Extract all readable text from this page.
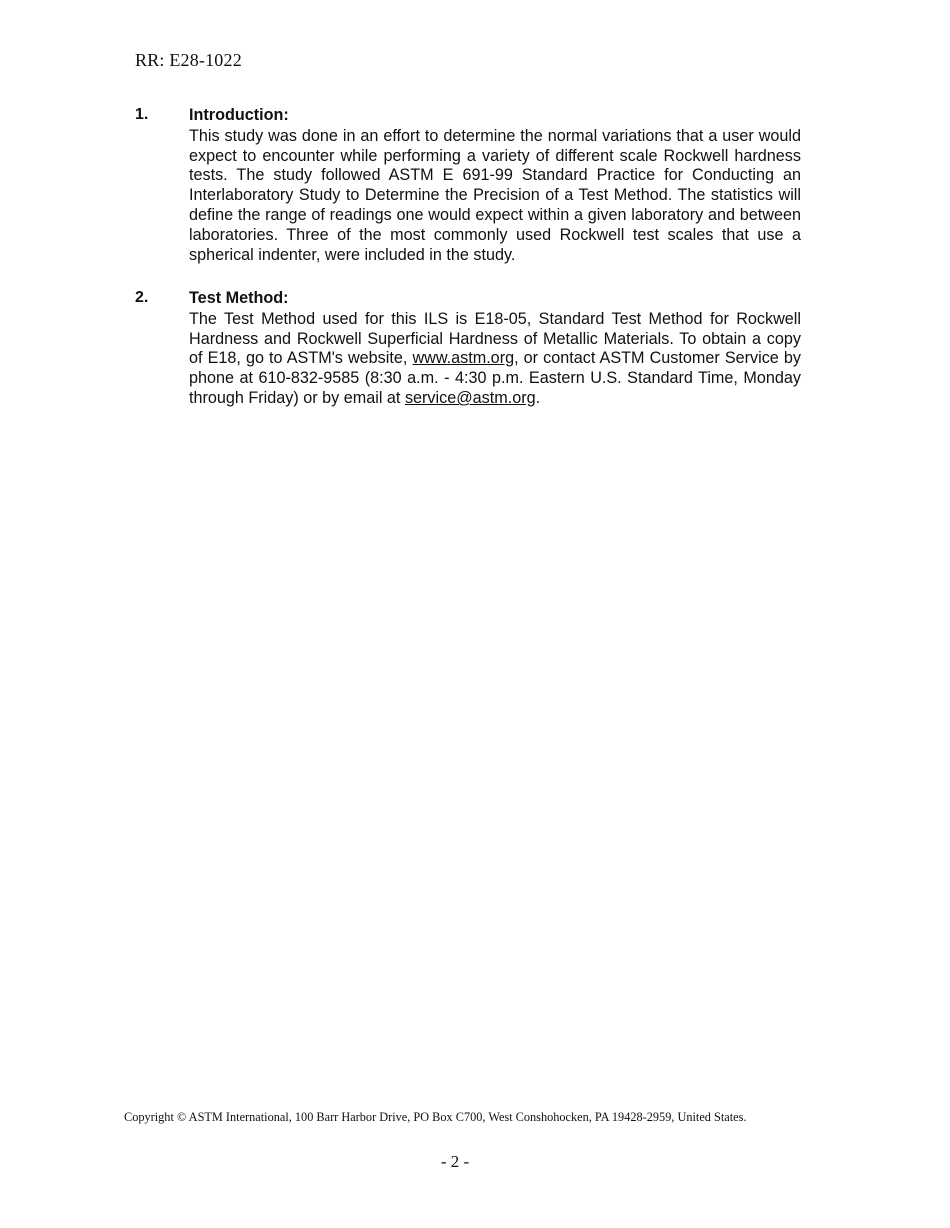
RR: E28-1022
1.	Introduction:
This study was done in an effort to determine the normal variations that a user would expect to encounter while performing a variety of different scale Rockwell hardness tests. The study followed ASTM E 691-99 Standard Practice for Conducting an Interlaboratory Study to Determine the Precision of a Test Method. The statistics will define the range of readings one would expect within a given laboratory and between laboratories. Three of the most commonly used Rockwell test scales that use a spherical indenter, were included in the study.
2.	Test Method:
The Test Method used for this ILS is E18-05, Standard Test Method for Rockwell Hardness and Rockwell Superficial Hardness of Metallic Materials. To obtain a copy of E18, go to ASTM's website, www.astm.org, or contact ASTM Customer Service by phone at 610-832-9585 (8:30 a.m. - 4:30 p.m. Eastern U.S. Standard Time, Monday through Friday) or by email at service@astm.org.
Copyright © ASTM International, 100 Barr Harbor Drive, PO Box C700, West Conshohocken, PA 19428-2959, United States.
- 2 -
